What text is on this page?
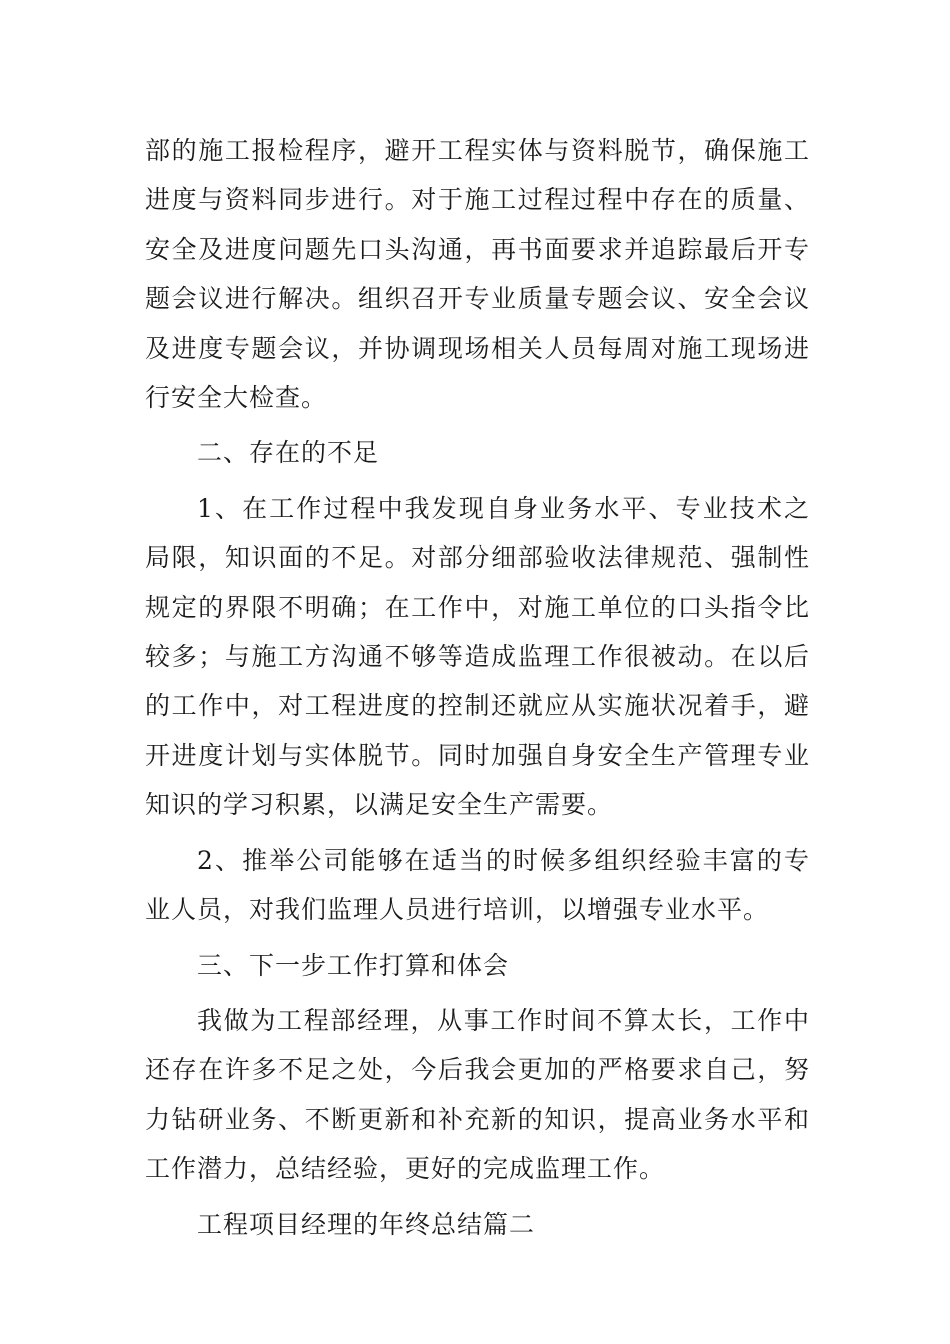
部的施工报检程序，避开工程实体与资料脱节，确保施工进度与资料同步进行。对于施工过程过程中存在的质量、安全及进度问题先口头沟通，再书面要求并追踪最后开专题会议进行解决。组织召开专业质量专题会议、安全会议及进度专题会议，并协调现场相关人员每周对施工现场进行安全大检查。

二、存在的不足

1、在工作过程中我发现自身业务水平、专业技术之局限，知识面的不足。对部分细部验收法律规范、强制性规定的界限不明确；在工作中，对施工单位的口头指令比较多；与施工方沟通不够等造成监理工作很被动。在以后的工作中，对工程进度的控制还就应从实施状况着手，避开进度计划与实体脱节。同时加强自身安全生产管理专业知识的学习积累，以满足安全生产需要。

2、推举公司能够在适当的时候多组织经验丰富的专业人员，对我们监理人员进行培训，以增强专业水平。

三、下一步工作打算和体会

我做为工程部经理，从事工作时间不算太长，工作中还存在许多不足之处，今后我会更加的严格要求自己，努力钻研业务、不断更新和补充新的知识，提高业务水平和工作潜力，总结经验，更好的完成监理工作。

工程项目经理的年终总结篇二
